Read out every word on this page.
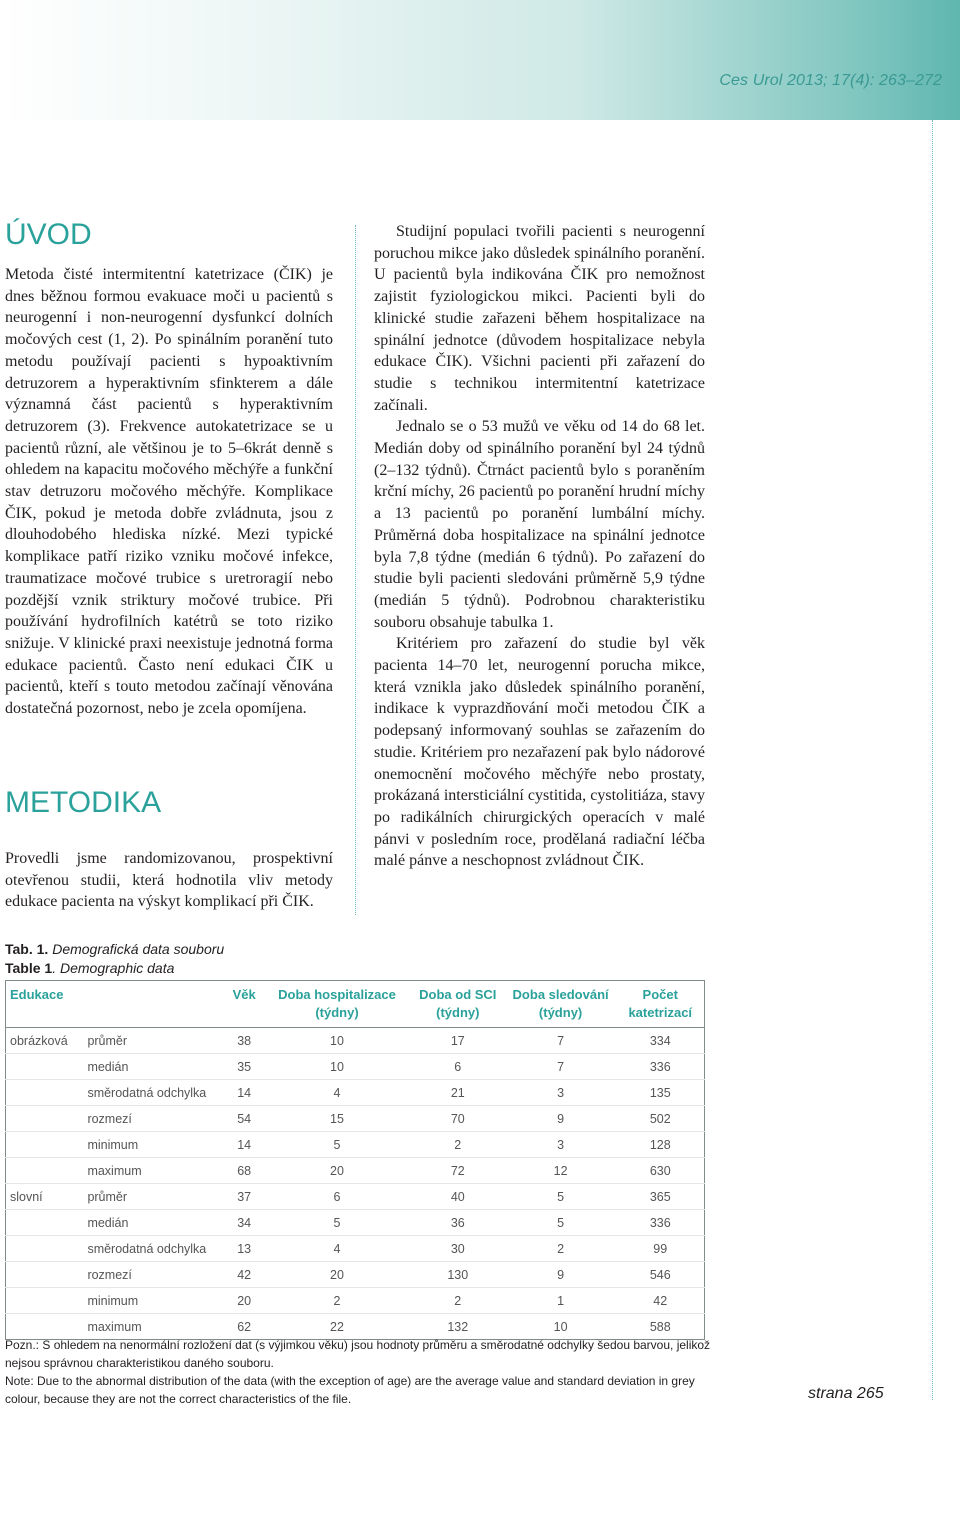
Ces Urol 2013; 17(4): 263–272
ÚVOD

Metoda čisté intermitentní katetrizace (ČIK) je dnes běžnou formou evakuace moči u pacientů s neurogenní i non-neurogenní dysfunkcí dolních močových cest (1, 2). Po spinálním poranění tuto metodu používají pacienti s hypoaktivním detruzorem a hyperaktivním sfinkterem a dále významná část pacientů s hyperaktivním detruzorem (3). Frekvence autokatetrizace se u pacientů různí, ale většinou je to 5–6krát denně s ohledem na kapacitu močového měchýře a funkční stav detruzoru močového měchýře. Komplikace ČIK, pokud je metoda dobře zvládnuta, jsou z dlouhodobého hlediska nízké. Mezi typické komplikace patří riziko vzniku močové infekce, traumatizace močové trubice s uretroragií nebo pozdější vznik striktury močové trubice. Při používání hydrofilních katétrů se toto riziko snižuje. V klinické praxi neexistuje jednotná forma edukace pacientů. Často není edukaci ČIK u pacientů, kteří s touto metodou začínají věnována dostatečná pozornost, nebo je zcela opomíjena.

METODIKA

Provedli jsme randomizovanou, prospektivní otevřenou studii, která hodnotila vliv metody edukace pacienta na výskyt komplikací při ČIK.

Studijní populaci tvořili pacienti s neurogenní poruchou mikce jako důsledek spinálního poranění. U pacientů byla indikována ČIK pro nemožnost zajistit fyziologickou mikci. Pacienti byli do klinické studie zařazeni během hospitalizace na spinální jednotce (důvodem hospitalizace nebyla edukace ČIK). Všichni pacienti při zařazení do studie s technikou intermitentní katetrizace začínali.

Jednalo se o 53 mužů ve věku od 14 do 68 let. Medián doby od spinálního poranění byl 24 týdnů (2–132 týdnů). Čtrnáct pacientů bylo s poraněním krční míchy, 26 pacientů po poranění hrudní míchy a 13 pacientů po poranění lumbální míchy. Průměrná doba hospitalizace na spinální jednotce byla 7,8 týdne (medián 6 týdnů). Po zařazení do studie byli pacienti sledováni průměrně 5,9 týdne (medián 5 týdnů). Podrobnou charakteristiku souboru obsahuje tabulka 1.

Kritériem pro zařazení do studie byl věk pacienta 14–70 let, neurogenní porucha mikce, která vznikla jako důsledek spinálního poranění, indikace k vyprazdňování moči metodou ČIK a podepsaný informovaný souhlas se zařazením do studie. Kritériem pro nezařazení pak bylo nádorové onemocnění močového měchýře nebo prostaty, prokázaná intersticiální cystitida, cystolitiáza, stavy po radikálních chirurgických operacích v malé pánvi v posledním roce, prodělaná radiační léčba malé pánve a neschopnost zvládnout ČIK.

Tab. 1. Demografická data souboru
Table 1. Demographic data
Edukace		Věk	Doba hospitalizace (týdny)	Doba od SCI (týdny)	Doba sledování (týdny)	Počet katetrizací
obrázková	průměr	38	10	17	7	334
	medián	35	10	6	7	336
	směrodatná odchylka	14	4	21	3	135
	rozmezí	54	15	70	9	502
	minimum	14	5	2	3	128
	maximum	68	20	72	12	630
slovní	průměr	37	6	40	5	365
	medián	34	5	36	5	336
	směrodatná odchylka	13	4	30	2	99
	rozmezí	42	20	130	9	546
	minimum	20	2	2	1	42
	maximum	62	22	132	10	588

Pozn.: S ohledem na nenormální rozložení dat (s výjimkou věku) jsou hodnoty průměru a směrodatné odchylky šedou barvou, jelikož nejsou správnou charakteristikou daného souboru.

Note: Due to the abnormal distribution of the data (with the exception of age) are the average value and standard deviation in grey colour, because they are not the correct characteristics of the file.	strana 265
